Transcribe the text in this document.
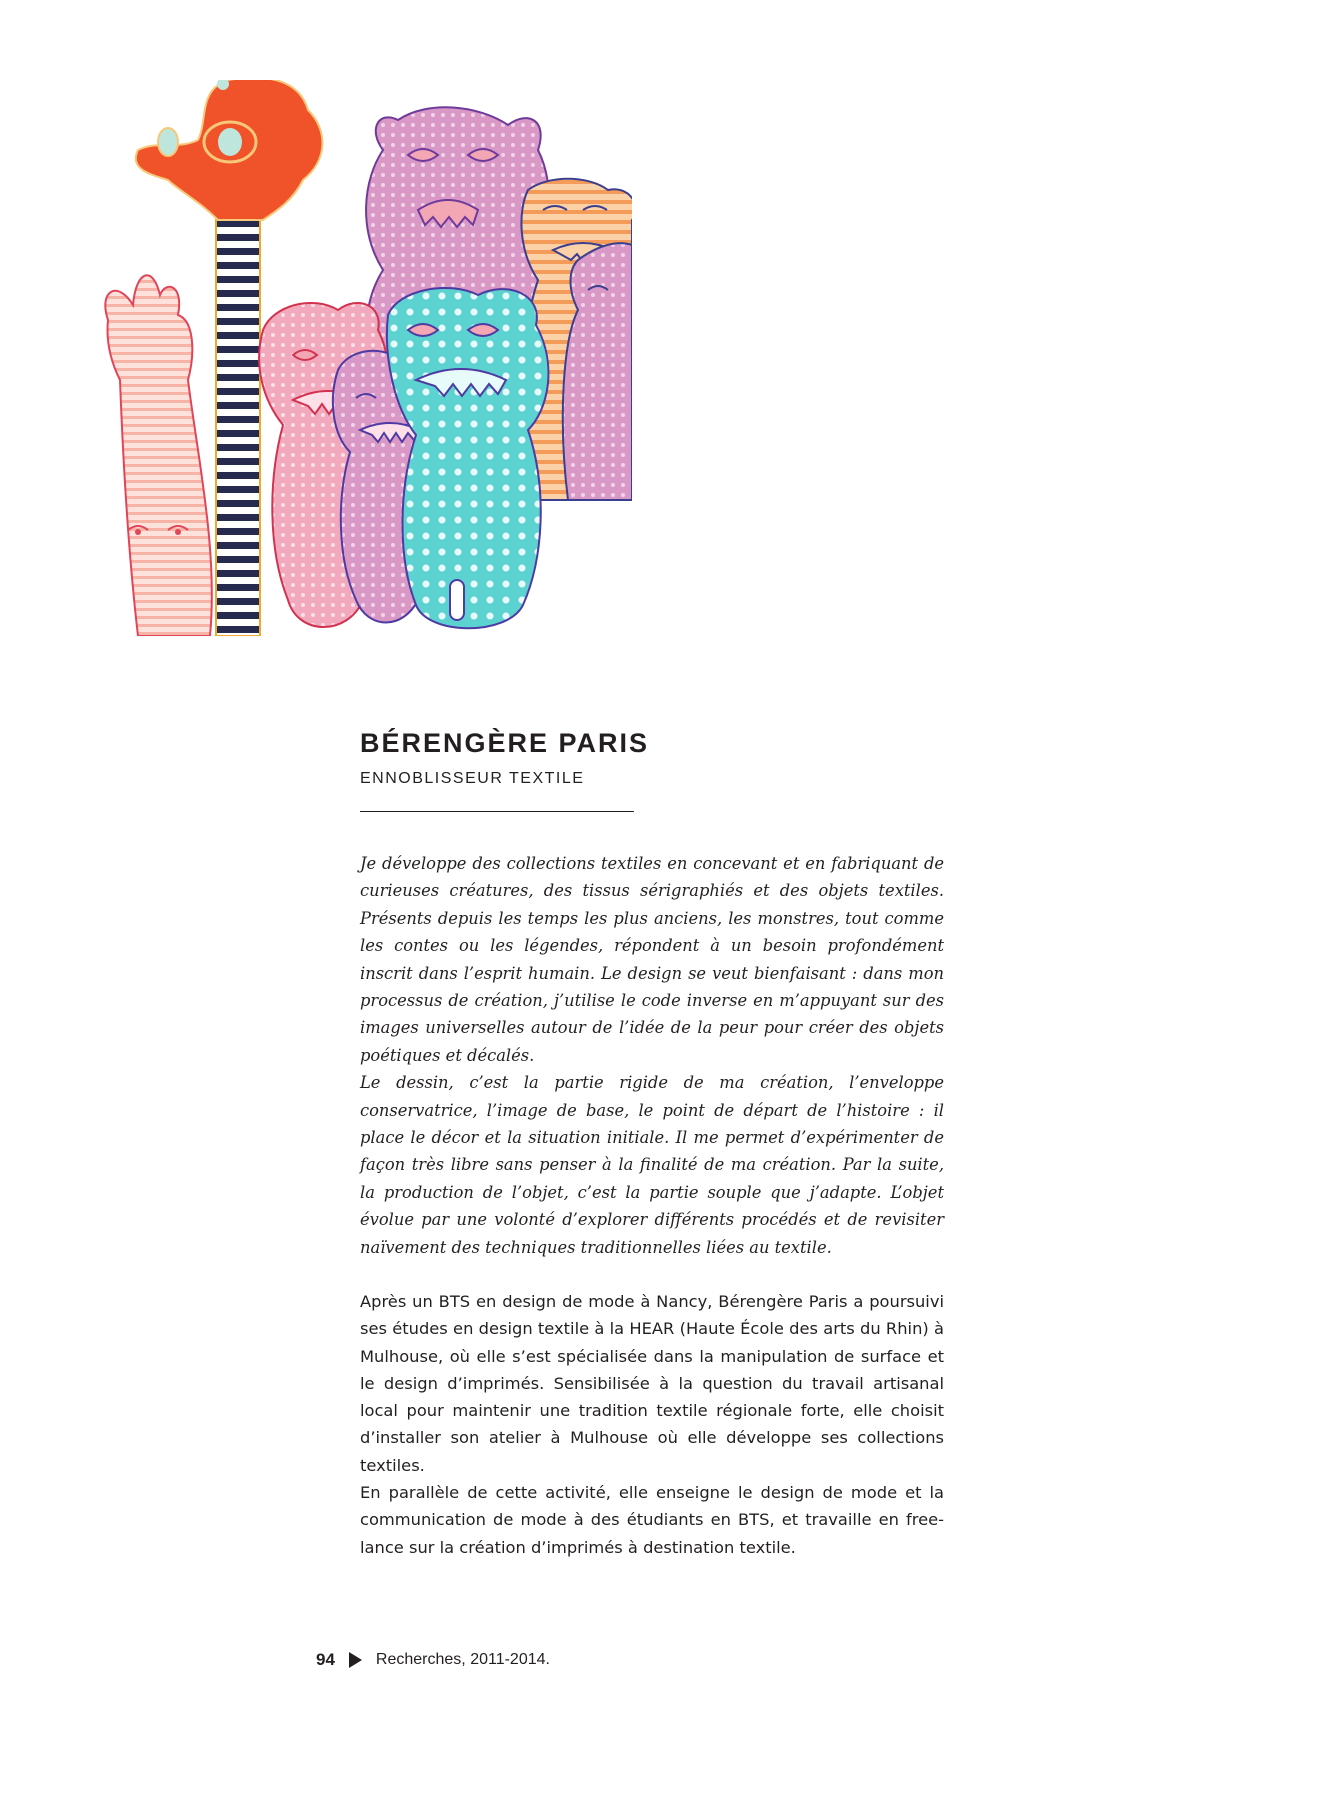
BÉRENGÈRE PARIS

ENNOBLISSEUR TEXTILE

Je développe des collections textiles en concevant et en fabriquant de curieuses créatures, des tissus sérigraphiés et des objets textiles. Présents depuis les temps les plus anciens, les monstres, tout comme les contes ou les légendes, répondent à un besoin profondément inscrit dans l’esprit humain. Le design se veut bienfaisant : dans mon processus de création, j’utilise le code inverse en m’appuyant sur des images universelles autour de l’idée de la peur pour créer des objets poétiques et décalés.

Le dessin, c’est la partie rigide de ma création, l’enveloppe conservatrice, l’image de base, le point de départ de l’histoire : il place le décor et la situation initiale. Il me permet d’expérimenter de façon très libre sans penser à la finalité de ma création. Par la suite, la production de l’objet, c’est la partie souple que j’adapte. L’objet évolue par une volonté d’explorer différents procédés et de revisiter naïvement des techniques traditionnelles liées au textile.

Après un BTS en design de mode à Nancy, Bérengère Paris a poursuivi ses études en design textile à la HEAR (Haute École des arts du Rhin) à Mulhouse, où elle s’est spécialisée dans la manipulation de surface et le design d’imprimés. Sensibilisée à la question du travail artisanal local pour maintenir une tradition textile régionale forte, elle choisit d’installer son atelier à Mulhouse où elle développe ses collections textiles.

En parallèle de cette activité, elle enseigne le design de mode et la communication de mode à des étudiants en BTS, et travaille en free-lance sur la création d’imprimés à destination textile.

94	Recherches, 2011-2014.
